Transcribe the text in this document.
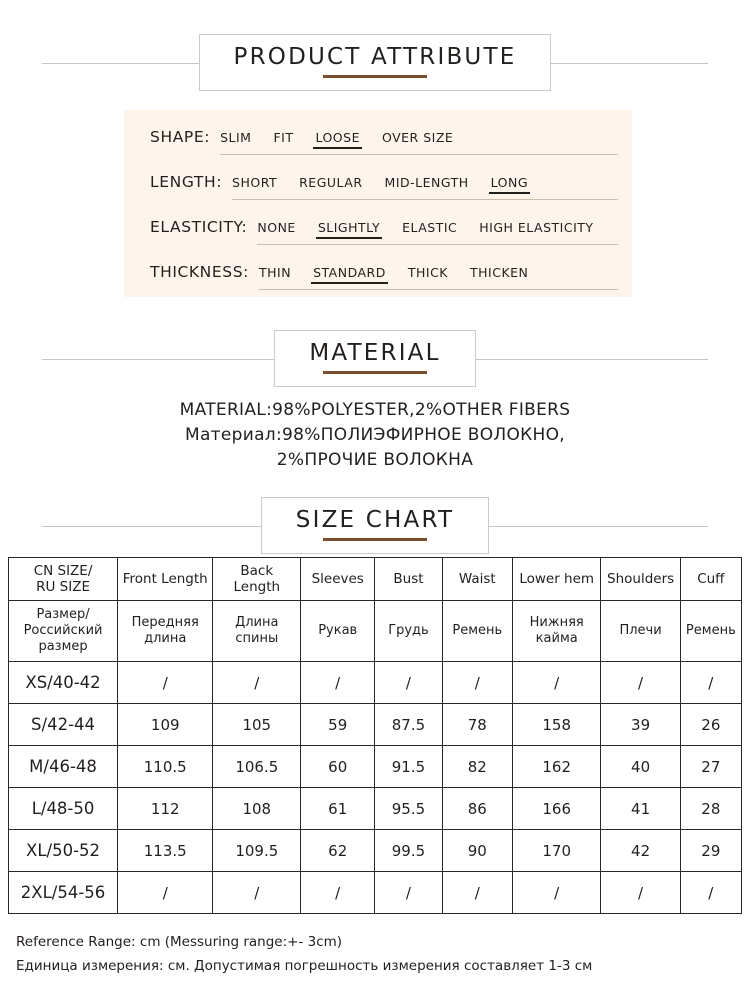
PRODUCT ATTRIBUTE
SHAPE: SLIM FIT LOOSE OVER SIZE
LENGTH: SHORT REGULAR MID-LENGTH LONG
ELASTICITY: NONE SLIGHTLY ELASTIC HIGH ELASTICITY
THICKNESS: THIN STANDARD THICK THICKEN
MATERIAL
MATERIAL:98%POLYESTER,2%OTHER FIBERS
Материал:98%ПОЛИЭФИРНОЕ ВОЛОКНО,
2%ПРОЧИЕ ВОЛОКНА
SIZE CHART
CN SIZE/
RU SIZE	Front Length	Back Length	Sleeves	Bust	Waist	Lower hem	Shoulders	Cuff
Размер/
Российский
размер	Передняя
длина	Длина
спины	Рукав	Грудь	Ремень	Нижняя
кайма	Плечи	Ремень
XS/40-42	/	/	/	/	/	/	/	/
S/42-44	109	105	59	87.5	78	158	39	26
M/46-48	110.5	106.5	60	91.5	82	162	40	27
L/48-50	112	108	61	95.5	86	166	41	28
XL/50-52	113.5	109.5	62	99.5	90	170	42	29
2XL/54-56	/	/	/	/	/	/	/	/
Reference Range: cm (Messuring range:+- 3cm)
Единица измерения: см. Допустимая погрешность измерения составляет 1-3 см
